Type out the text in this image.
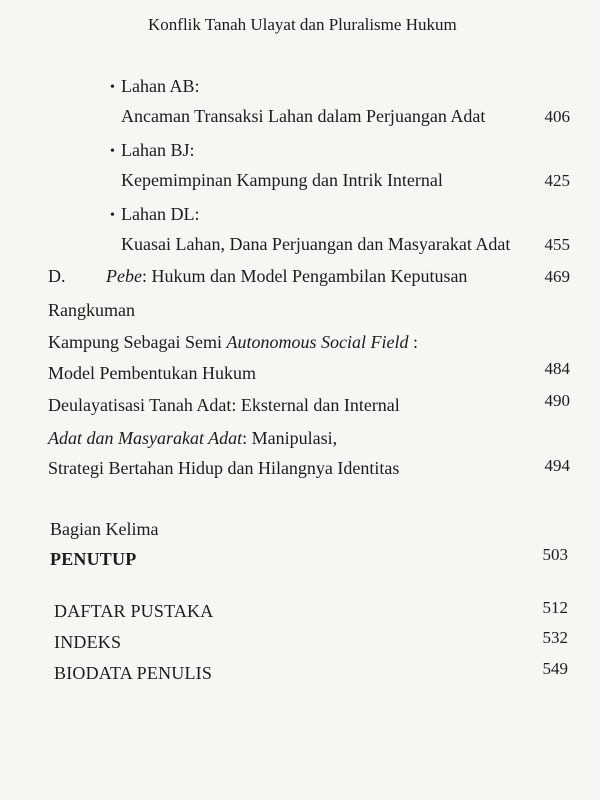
Konflik Tanah Ulayat dan Pluralisme Hukum
• Lahan AB:
Ancaman Transaksi Lahan dalam Perjuangan Adat	406
• Lahan BJ:
Kepemimpinan Kampung dan Intrik Internal	425
• Lahan DL:
Kuasai Lahan, Dana Perjuangan dan Masyarakat Adat 455
D. Pebe: Hukum dan Model Pengambilan Keputusan	469
Rangkuman
Kampung Sebagai Semi Autonomous Social Field :
Model Pembentukan Hukum	484
Deulayatisasi Tanah Adat: Eksternal dan Internal	490
Adat dan Masyarakat Adat: Manipulasi,
Strategi Bertahan Hidup dan Hilangnya Identitas	494
Bagian Kelima
PENUTUP	503
DAFTAR PUSTAKA	512
INDEKS	532
BIODATA PENULIS	549
